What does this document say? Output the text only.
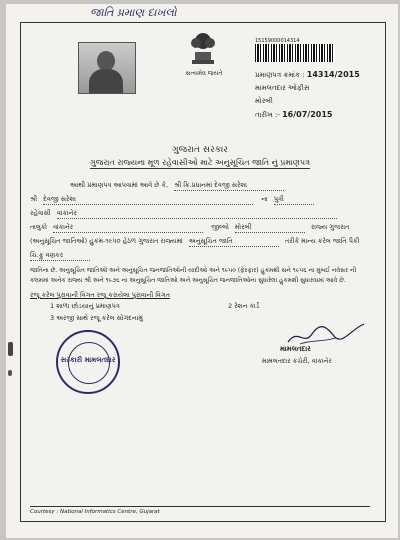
જાતિ પ્રમાણ દાખલો
સત્યમેવ જયતે
15159000014314
પ્રમાણપત્ર ક્રમાંક : 14314/2015
મામલતદાર ઓફીસ
મોરબી
તારીખ :- 16/07/2015
ગુજરાત સરકાર
ગુજરાત રાજ્યના મૂળ રહેવાસીઓ માટે અનુસૂચિત જાતિ નું પ્રમાણપત્ર
આથી પ્રમાણપત્ર આપવામાં આવે છે કે, શ્રી ક્રિ.પ્રધાનમાં દેવજી સરેશા
શ્રી દેવજી સરેશા	ના પુત્રી
રહેવાસી વાંકાનેર
તાલુકો વાંકાનેર	જીલ્લો મોરબી	રાજ્ય ગુજરાત
(અનુસૂચિત જાતિઓ) હુકમ-૧૯૫૦ હેઠળ ગુજરાત રાજ્યમાં અનુસૂચિત જાતિ	તરીકે માન્ય કરેલ જાતિ પૈકી
ચિ.ફુ વણકર
જાતિના છે. અનુસૂચિત જાતિઓ અને અનુસૂચિત જનજાતિઓની યાદીઓ અને ૧૯૫૦ (ફેરફાર) હુકમથી સને ૧૯૫૬ ના મુંબઈ નવેસર ની કલમમાં અનેક રાજ્ય શ્રી અને ૧૯૭૬ ના અનુસૂચિત જાતિઓ અને અનુસૂચિત જનજાતિઓના સુધારેલા હુકમથી સુધારવામાં આવે છે.
રજૂ કરેલ પુરાવાની વિગત રજૂ કરાયેલા પુરાવાની વિગત
1 શાળા છોડયાનું પ્રમાણપત્ર	2 રેશન કાર્ડ
3 અરજી સાથે રજૂ કરેલ સોગંદનામું
સરકારી મામલતદાર
મામલતદાર
મામલતદાર કચેરી, વાંકાનેર
Courtesy : National Informatics Centre, Gujarat
